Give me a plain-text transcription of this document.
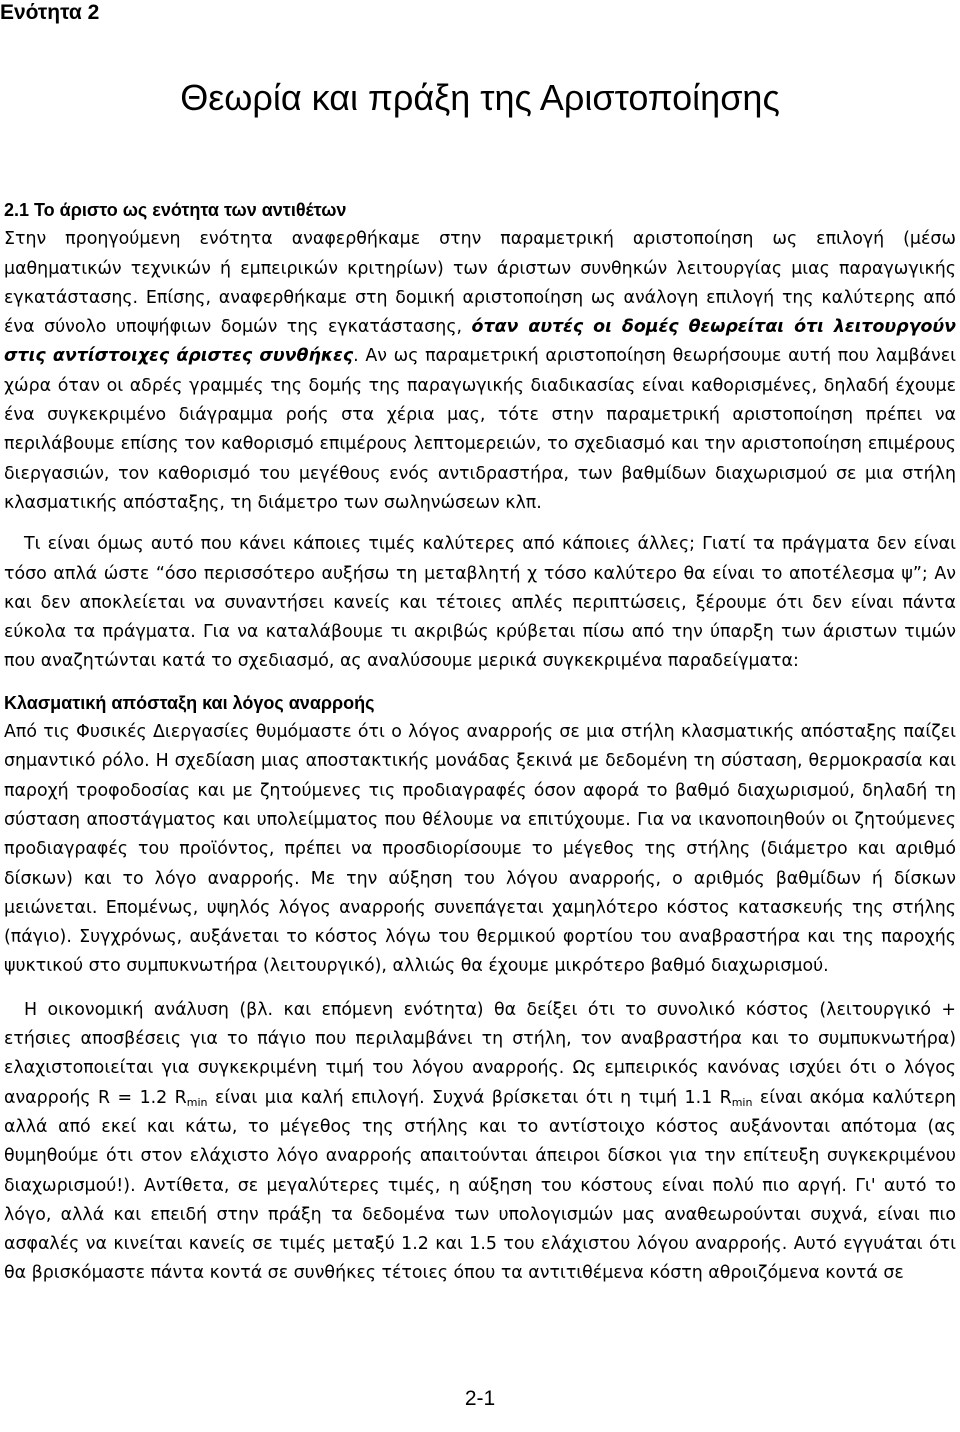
Ενότητα 2
Θεωρία και πράξη της Αριστοποίησης

2.1 Το άριστο ως ενότητα των αντιθέτων

Στην προηγούμενη ενότητα αναφερθήκαμε στην παραμετρική αριστοποίηση ως επιλογή (μέσω μαθηματικών τεχνικών ή εμπειρικών κριτηρίων) των άριστων συνθηκών λειτουργίας μιας παραγωγικής εγκατάστασης. Επίσης, αναφερθήκαμε στη δομική αριστοποίηση ως ανάλογη επιλογή της καλύτερης από ένα σύνολο υποψήφιων δομών της εγκατάστασης, όταν αυτές οι δομές θεωρείται ότι λειτουργούν στις αντίστοιχες άριστες συνθήκες. Αν ως παραμετρική αριστοποίηση θεωρήσουμε αυτή που λαμβάνει χώρα όταν οι αδρές γραμμές της δομής της παραγωγικής διαδικασίας είναι καθορισμένες, δηλαδή έχουμε ένα συγκεκριμένο διάγραμμα ροής στα χέρια μας, τότε στην παραμετρική αριστοποίηση πρέπει να περιλάβουμε επίσης τον καθορισμό επιμέρους λεπτομερειών, το σχεδιασμό και την αριστοποίηση επιμέρους διεργασιών, τον καθορισμό του μεγέθους ενός αντιδραστήρα, των βαθμίδων διαχωρισμού σε μια στήλη κλασματικής απόσταξης, τη διάμετρο των σωληνώσεων κλπ.

Τι είναι όμως αυτό που κάνει κάποιες τιμές καλύτερες από κάποιες άλλες; Γιατί τα πράγματα δεν είναι τόσο απλά ώστε “όσο περισσότερο αυξήσω τη μεταβλητή χ τόσο καλύτερο θα είναι το αποτέλεσμα ψ”; Αν και δεν αποκλείεται να συναντήσει κανείς και τέτοιες απλές περιπτώσεις, ξέρουμε ότι δεν είναι πάντα εύκολα τα πράγματα. Για να καταλάβουμε τι ακριβώς κρύβεται πίσω από την ύπαρξη των άριστων τιμών που αναζητώνται κατά το σχεδιασμό, ας αναλύσουμε μερικά συγκεκριμένα παραδείγματα:

Κλασματική απόσταξη και λόγος αναρροής

Από τις Φυσικές Διεργασίες θυμόμαστε ότι ο λόγος αναρροής σε μια στήλη κλασματικής απόσταξης παίζει σημαντικό ρόλο. Η σχεδίαση μιας αποστακτικής μονάδας ξεκινά με δεδομένη τη σύσταση, θερμοκρασία και παροχή τροφοδοσίας και με ζητούμενες τις προδιαγραφές όσον αφορά το βαθμό διαχωρισμού, δηλαδή τη σύσταση αποστάγματος και υπολείμματος που θέλουμε να επιτύχουμε. Για να ικανοποιηθούν οι ζητούμενες προδιαγραφές του προϊόντος, πρέπει να προσδιορίσουμε το μέγεθος της στήλης (διάμετρο και αριθμό δίσκων) και το λόγο αναρροής. Με την αύξηση του λόγου αναρροής, ο αριθμός βαθμίδων ή δίσκων μειώνεται. Επομένως, υψηλός λόγος αναρροής συνεπάγεται χαμηλότερο κόστος κατασκευής της στήλης (πάγιο). Συγχρόνως, αυξάνεται το κόστος λόγω του θερμικού φορτίου του αναβραστήρα και της παροχής ψυκτικού στο συμπυκνωτήρα (λειτουργικό), αλλιώς θα έχουμε μικρότερο βαθμό διαχωρισμού.

Η οικονομική ανάλυση (βλ. και επόμενη ενότητα) θα δείξει ότι το συνολικό κόστος (λειτουργικό + ετήσιες αποσβέσεις για το πάγιο που περιλαμβάνει τη στήλη, τον αναβραστήρα και το συμπυκνωτήρα) ελαχιστοποιείται για συγκεκριμένη τιμή του λόγου αναρροής. Ως εμπειρικός κανόνας ισχύει ότι ο λόγος αναρροής R = 1.2 $R_{min}$ είναι μια καλή επιλογή. Συχνά βρίσκεται ότι η τιμή 1.1 $R_{min}$ είναι ακόμα καλύτερη αλλά από εκεί και κάτω, το μέγεθος της στήλης και το αντίστοιχο κόστος αυξάνονται απότομα (ας θυμηθούμε ότι στον ελάχιστο λόγο αναρροής απαιτούνται άπειροι δίσκοι για την επίτευξη συγκεκριμένου διαχωρισμού!). Αντίθετα, σε μεγαλύτερες τιμές, η αύξηση του κόστους είναι πολύ πιο αργή. Γι' αυτό το λόγο, αλλά και επειδή στην πράξη τα δεδομένα των υπολογισμών μας αναθεωρούνται συχνά, είναι πιο ασφαλές να κινείται κανείς σε τιμές μεταξύ 1.2 και 1.5 του ελάχιστου λόγου αναρροής. Αυτό εγγυάται ότι θα βρισκόμαστε πάντα κοντά σε συνθήκες τέτοιες όπου τα αντιτιθέμενα κόστη αθροιζόμενα κοντά σε

2-1
